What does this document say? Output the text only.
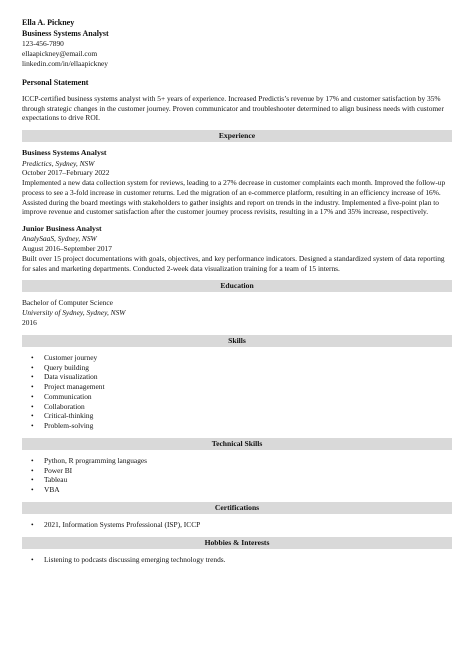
Ella A. Pickney
Business Systems Analyst
123-456-7890
ellaapickney@email.com
linkedin.com/in/ellaapickney
Personal Statement
ICCP-certified business systems analyst with 5+ years of experience. Increased Predictis’s revenue by 17% and customer satisfaction by 35% through strategic changes in the customer journey. Proven communicator and troubleshooter determined to align business needs with customer expectations to drive ROI.
Experience
Business Systems Analyst
Predictics, Sydney, NSW
October 2017–February 2022
Implemented a new data collection system for reviews, leading to a 27% decrease in customer complaints each month. Improved the follow-up process to see a 3-fold increase in customer returns. Led the migration of an e-commerce platform, resulting in an efficiency increase of 16%. Assisted during the board meetings with stakeholders to gather insights and report on trends in the industry. Implemented a five-point plan to improve revenue and customer satisfaction after the customer journey process revisits, resulting in a 17% and 35% increase, respectively.
Junior Business Analyst
AnalySaaS, Sydney, NSW
August 2016–September 2017
Built over 15 project documentations with goals, objectives, and key performance indicators. Designed a standardized system of data reporting for sales and marketing departments. Conducted 2-week data visualization training for a team of 15 interns.
Education
Bachelor of Computer Science
University of Sydney, Sydney, NSW
2016
Skills
• Customer journey
• Query building
• Data visualization
• Project management
• Communication
• Collaboration
• Critical-thinking
• Problem-solving
Technical Skills
• Python, R programming languages
• Power BI
• Tableau
• VBA
Certifications
• 2021, Information Systems Professional (ISP), ICCP
Hobbies & Interests
• Listening to podcasts discussing emerging technology trends.
